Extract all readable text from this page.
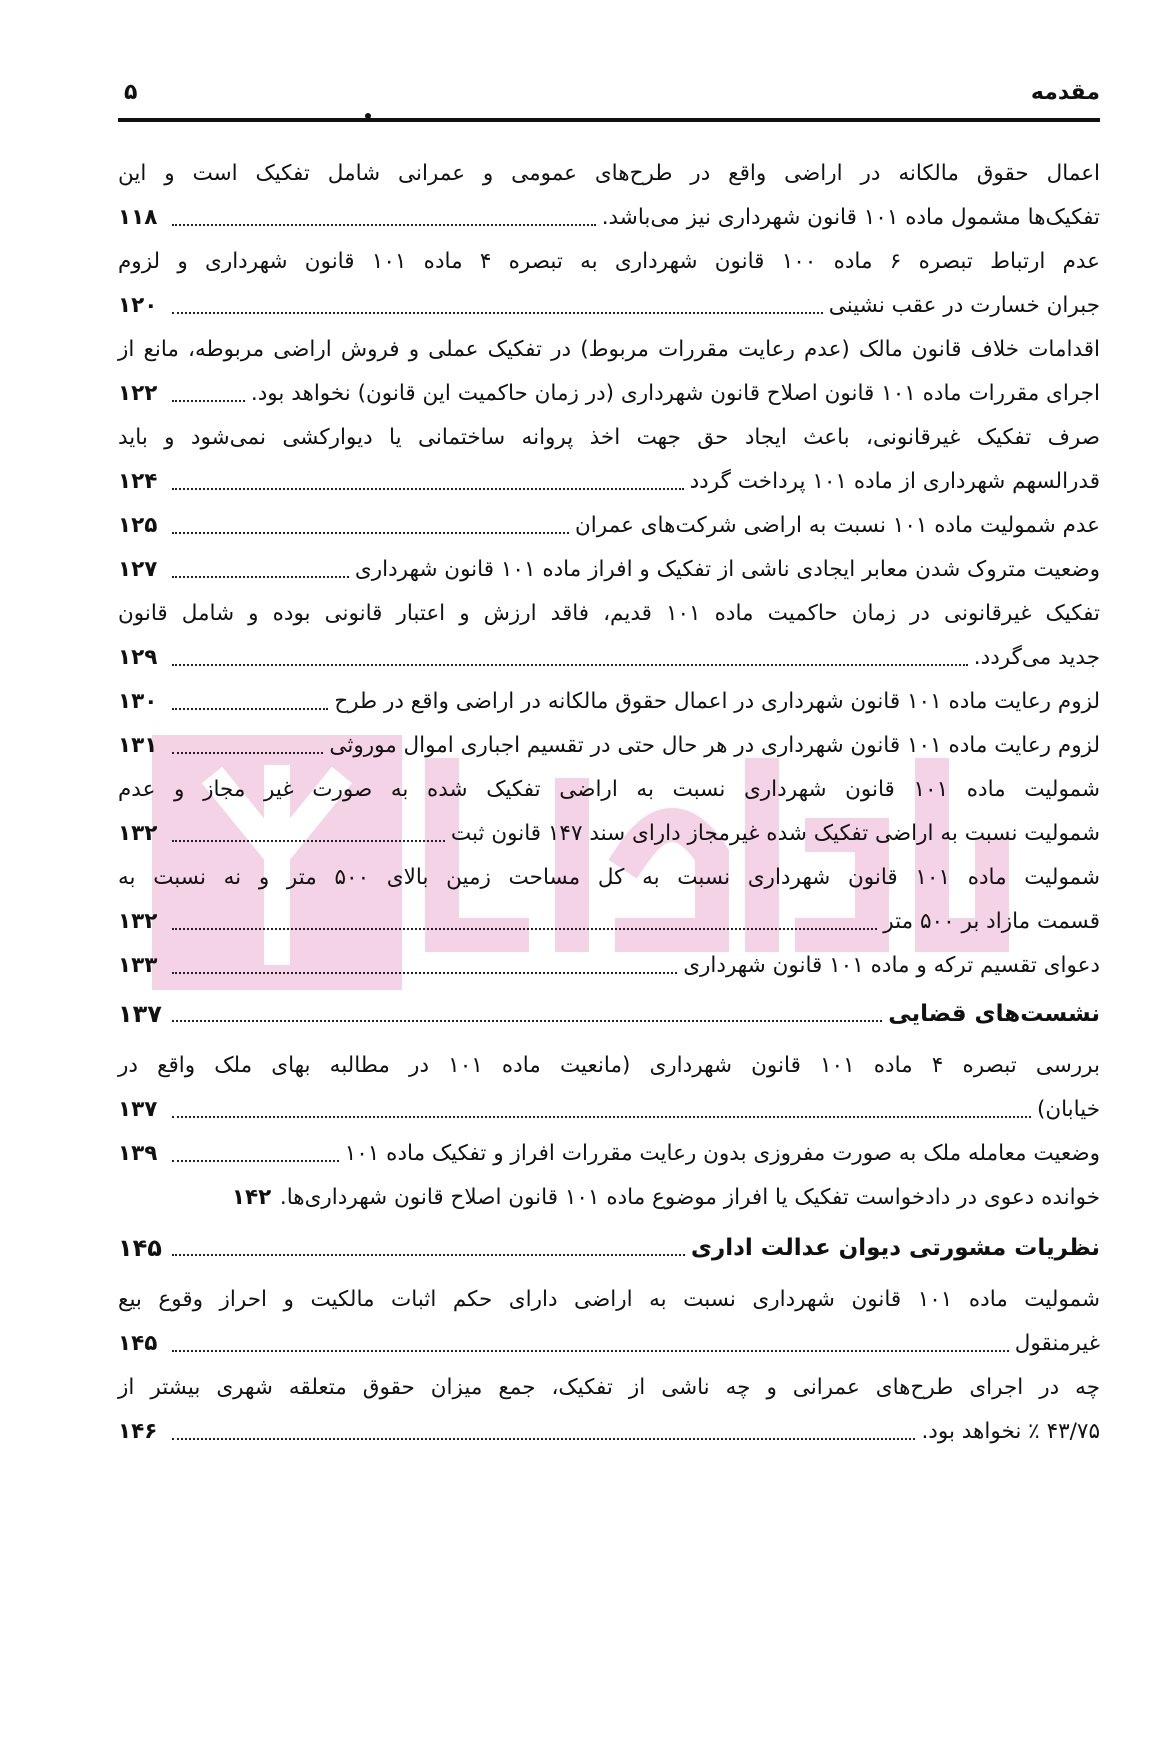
مقدمه
۵
اعمال حقوق مالکانه در اراضی واقع در طرح‌های عمومی و عمرانی شامل تفکیک است و این
تفکیک‌ها مشمول ماده ۱۰۱ قانون شهرداری نیز می‌باشد.
۱۱۸
عدم ارتباط تبصره ۶ ماده ۱۰۰ قانون شهرداری به تبصره ۴ ماده ۱۰۱ قانون شهرداری و لزوم
جبران خسارت در عقب نشینی
۱۲۰
اقدامات خلاف قانون مالک (عدم رعایت مقررات مربوط) در تفکیک عملی و فروش اراضی مربوطه، مانع از
اجرای مقررات ماده ۱۰۱ قانون اصلاح قانون شهرداری (در زمان حاکمیت این قانون) نخواهد بود.
۱۲۲
صرف تفکیک غیرقانونی، باعث ایجاد حق جهت اخذ پروانه ساختمانی یا دیوارکشی نمی‌شود و باید
قدرالسهم شهرداری از ماده ۱۰۱ پرداخت گردد
۱۲۴
عدم شمولیت ماده ۱۰۱ نسبت به اراضی شرکت‌های عمران
۱۲۵
وضعیت متروک شدن معابر ایجادی ناشی از تفکیک و افراز ماده ۱۰۱ قانون شهرداری
۱۲۷
تفکیک غیرقانونی در زمان حاکمیت ماده ۱۰۱ قدیم، فاقد ارزش و اعتبار قانونی بوده و شامل قانون
جدید می‌گردد.
۱۲۹
لزوم رعایت ماده ۱۰۱ قانون شهرداری در اعمال حقوق مالکانه در اراضی واقع در طرح
۱۳۰
لزوم رعایت ماده ۱۰۱ قانون شهرداری در هر حال حتی در تقسیم اجباری اموال موروثی
۱۳۱
شمولیت ماده ۱۰۱ قانون شهرداری نسبت به اراضی تفکیک شده به صورت غیر مجاز و عدم
شمولیت نسبت به اراضی تفکیک شده غیرمجاز دارای سند ۱۴۷ قانون ثبت
۱۳۲
شمولیت ماده ۱۰۱ قانون شهرداری نسبت به کل مساحت زمین بالای ۵۰۰ متر و نه نسبت به
قسمت مازاد بر ۵۰۰ متر
۱۳۲
دعوای تقسیم ترکه و ماده ۱۰۱ قانون شهرداری
۱۳۳
نشست‌های قضایی
۱۳۷
بررسی تبصره ۴ ماده ۱۰۱ قانون شهرداری (مانعیت ماده ۱۰۱ در مطالبه بهای ملک واقع در
خیابان)
۱۳۷
وضعیت معامله ملک به صورت مفروزی بدون رعایت مقررات افراز و تفکیک ماده ۱۰۱
۱۳۹
خوانده دعوی در دادخواست تفکیک یا افراز موضوع ماده ۱۰۱ قانون اصلاح قانون شهرداری‌ها.
۱۴۲
نظریات مشورتی دیوان عدالت اداری
۱۴۵
شمولیت ماده ۱۰۱ قانون شهرداری نسبت به اراضی دارای حکم اثبات مالکیت و احراز وقوع بیع
غیرمنقول
۱۴۵
چه در اجرای طرح‌های عمرانی و چه ناشی از تفکیک، جمع میزان حقوق متعلقه شهری بیشتر از
۴۳/۷۵ ٪ نخواهد بود.
۱۴۶
